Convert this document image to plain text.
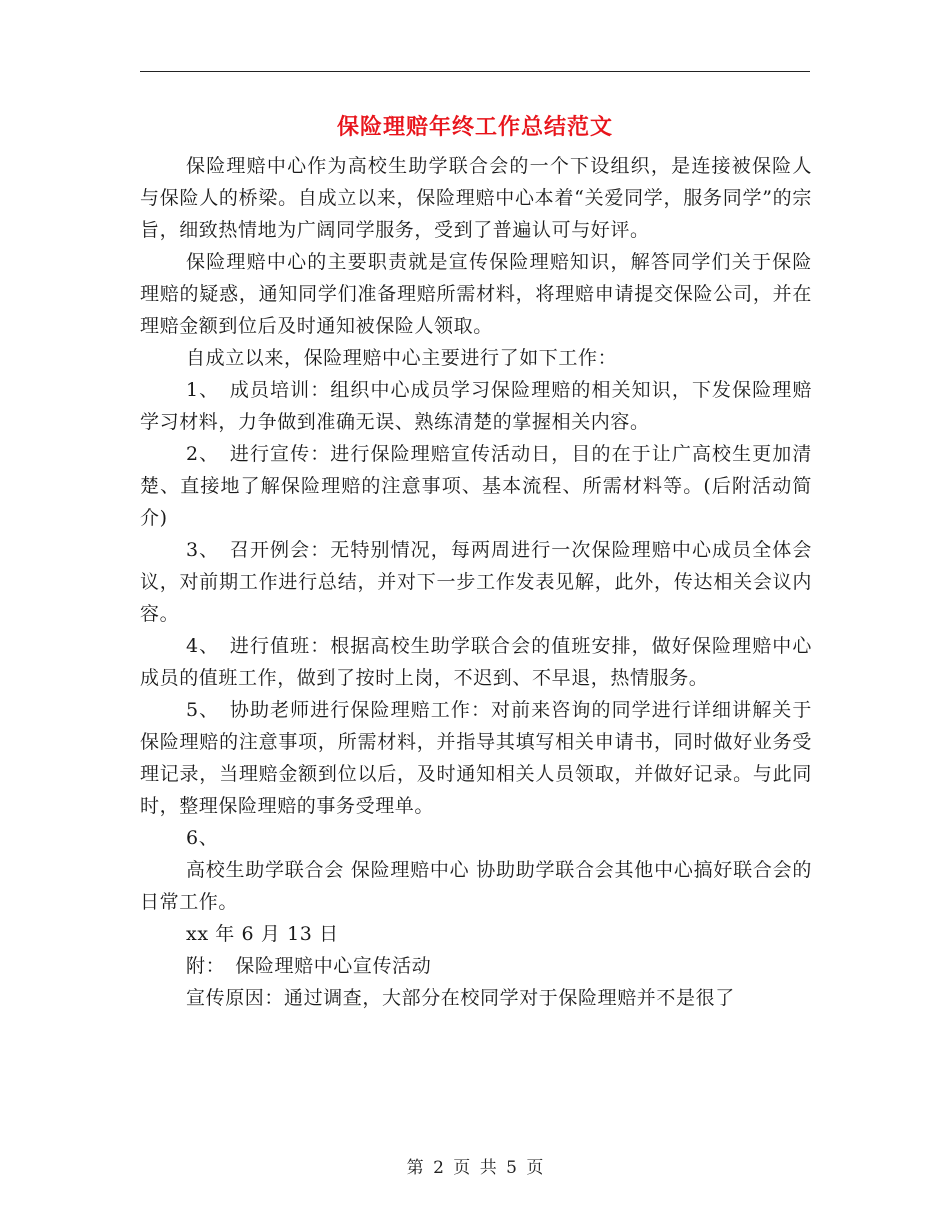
保险理赔年终工作总结范文

保险理赔中心作为高校生助学联合会的一个下设组织，是连接被保险人与保险人的桥梁。自成立以来，保险理赔中心本着“关爱同学，服务同学”的宗旨，细致热情地为广阔同学服务，受到了普遍认可与好评。

保险理赔中心的主要职责就是宣传保险理赔知识，解答同学们关于保险理赔的疑惑，通知同学们准备理赔所需材料，将理赔申请提交保险公司，并在理赔金额到位后及时通知被保险人领取。

自成立以来，保险理赔中心主要进行了如下工作：

1、　成员培训：组织中心成员学习保险理赔的相关知识，下发保险理赔学习材料，力争做到准确无误、熟练清楚的掌握相关内容。

2、　进行宣传：进行保险理赔宣传活动日，目的在于让广高校生更加清楚、直接地了解保险理赔的注意事项、基本流程、所需材料等。(后附活动简介)

3、　召开例会：无特别情况，每两周进行一次保险理赔中心成员全体会议，对前期工作进行总结，并对下一步工作发表见解，此外，传达相关会议内容。

4、　进行值班：根据高校生助学联合会的值班安排，做好保险理赔中心成员的值班工作，做到了按时上岗，不迟到、不早退，热情服务。

5、　协助老师进行保险理赔工作：对前来咨询的同学进行详细讲解关于保险理赔的注意事项，所需材料，并指导其填写相关申请书，同时做好业务受理记录，当理赔金额到位以后，及时通知相关人员领取，并做好记录。与此同时，整理保险理赔的事务受理单。

6、

高校生助学联合会 保险理赔中心 协助助学联合会其他中心搞好联合会的日常工作。

xx 年 6 月 13 日

附：　保险理赔中心宣传活动

宣传原因：通过调查，大部分在校同学对于保险理赔并不是很了

第 2 页 共 5 页
